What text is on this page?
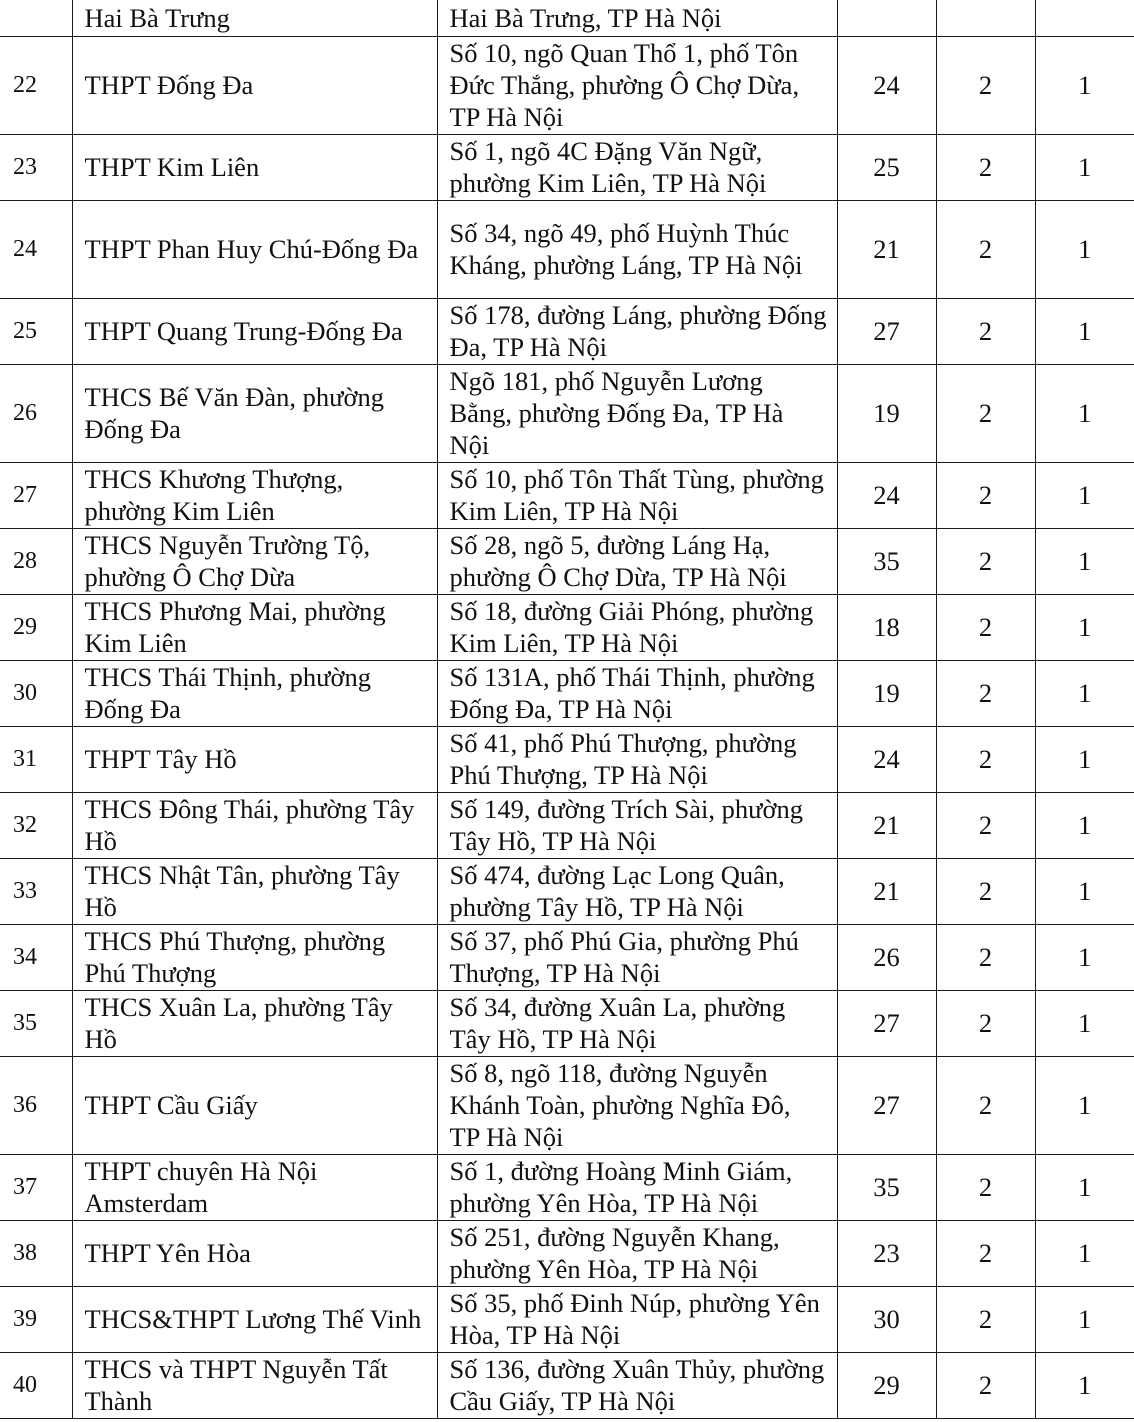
	Hai Bà Trưng	Hai Bà Trưng, TP Hà Nội			
22	THPT Đống Đa	Số 10, ngõ Quan Thổ 1, phố Tôn Đức Thắng, phường Ô Chợ Dừa, TP Hà Nội	24	2	1
23	THPT Kim Liên	Số 1, ngõ 4C Đặng Văn Ngữ, phường Kim Liên, TP Hà Nội	25	2	1
24	THPT Phan Huy Chú-Đống Đa	Số 34, ngõ 49, phố Huỳnh Thúc Kháng, phường Láng, TP Hà Nội	21	2	1
25	THPT Quang Trung-Đống Đa	Số 178, đường Láng, phường Đống Đa, TP Hà Nội	27	2	1
26	THCS Bế Văn Đàn, phường Đống Đa	Ngõ 181, phố Nguyễn Lương Bằng, phường Đống Đa, TP Hà Nội	19	2	1
27	THCS Khương Thượng, phường Kim Liên	Số 10, phố Tôn Thất Tùng, phường Kim Liên, TP Hà Nội	24	2	1
28	THCS Nguyễn Trường Tộ, phường Ô Chợ Dừa	Số 28, ngõ 5, đường Láng Hạ, phường Ô Chợ Dừa, TP Hà Nội	35	2	1
29	THCS Phương Mai, phường Kim Liên	Số 18, đường Giải Phóng, phường Kim Liên, TP Hà Nội	18	2	1
30	THCS Thái Thịnh, phường Đống Đa	Số 131A, phố Thái Thịnh, phường Đống Đa, TP Hà Nội	19	2	1
31	THPT Tây Hồ	Số 41, phố Phú Thượng, phường Phú Thượng, TP Hà Nội	24	2	1
32	THCS Đông Thái, phường Tây Hồ	Số 149, đường Trích Sài, phường Tây Hồ, TP Hà Nội	21	2	1
33	THCS Nhật Tân, phường Tây Hồ	Số 474, đường Lạc Long Quân, phường Tây Hồ, TP Hà Nội	21	2	1
34	THCS Phú Thượng, phường Phú Thượng	Số 37, phố Phú Gia, phường Phú Thượng, TP Hà Nội	26	2	1
35	THCS Xuân La, phường Tây Hồ	Số 34, đường Xuân La, phường Tây Hồ, TP Hà Nội	27	2	1
36	THPT Cầu Giấy	Số 8, ngõ 118, đường Nguyễn Khánh Toàn, phường Nghĩa Đô, TP Hà Nội	27	2	1
37	THPT chuyên Hà Nội Amsterdam	Số 1, đường Hoàng Minh Giám, phường Yên Hòa, TP Hà Nội	35	2	1
38	THPT Yên Hòa	Số 251, đường Nguyễn Khang, phường Yên Hòa, TP Hà Nội	23	2	1
39	THCS&THPT Lương Thế Vinh	Số 35, phố Đinh Núp, phường Yên Hòa, TP Hà Nội	30	2	1
40	THCS và THPT Nguyễn Tất Thành	Số 136, đường Xuân Thủy, phường Cầu Giấy, TP Hà Nội	29	2	1
